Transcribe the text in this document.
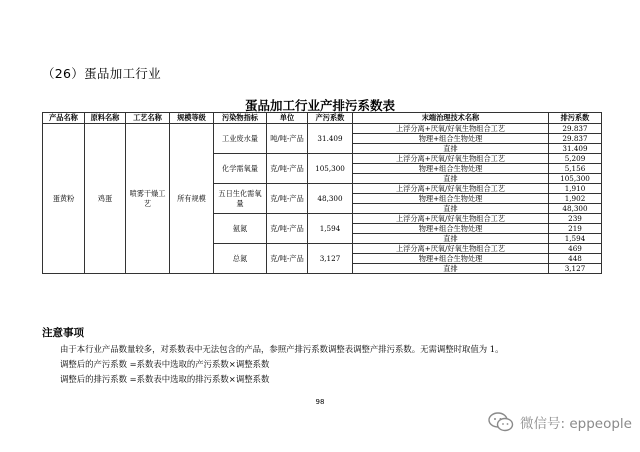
（26）蛋品加工行业
蛋品加工行业产排污系数表
产品名称	原料名称	工艺名称	规模等级	污染物指标	单位	产污系数	末端治理技术名称	排污系数
蛋黄粉	鸡蛋	喷雾干燥工艺	所有规模	工业废水量	吨/吨-产品	31.409	上浮分离+厌氧/好氧生物组合工艺	29.837
							物理+组合生物处理	29.837
							直排	31.409
				化学需氧量	克/吨-产品	105,300	上浮分离+厌氧/好氧生物组合工艺	5,209
							物理+组合生物处理	5,156
							直排	105,300
				五日生化需氧量	克/吨-产品	48,300	上浮分离+厌氧/好氧生物组合工艺	1,910
							物理+组合生物处理	1,902
							直排	48,300
				氨氮	克/吨-产品	1,594	上浮分离+厌氧/好氧生物组合工艺	239
							物理+组合生物处理	219
							直排	1,594
				总氮	克/吨-产品	3,127	上浮分离+厌氧/好氧生物组合工艺	469
							物理+组合生物处理	448
							直排	3,127
注意事项
由于本行业产品数量较多，对系数表中无法包含的产品，参照产排污系数调整表调整产排污系数。无需调整时取值为 1。
调整后的产污系数 =系数表中选取的产污系数×调整系数
调整后的排污系数 =系数表中选取的排污系数×调整系数
98
微信号: eppeople
